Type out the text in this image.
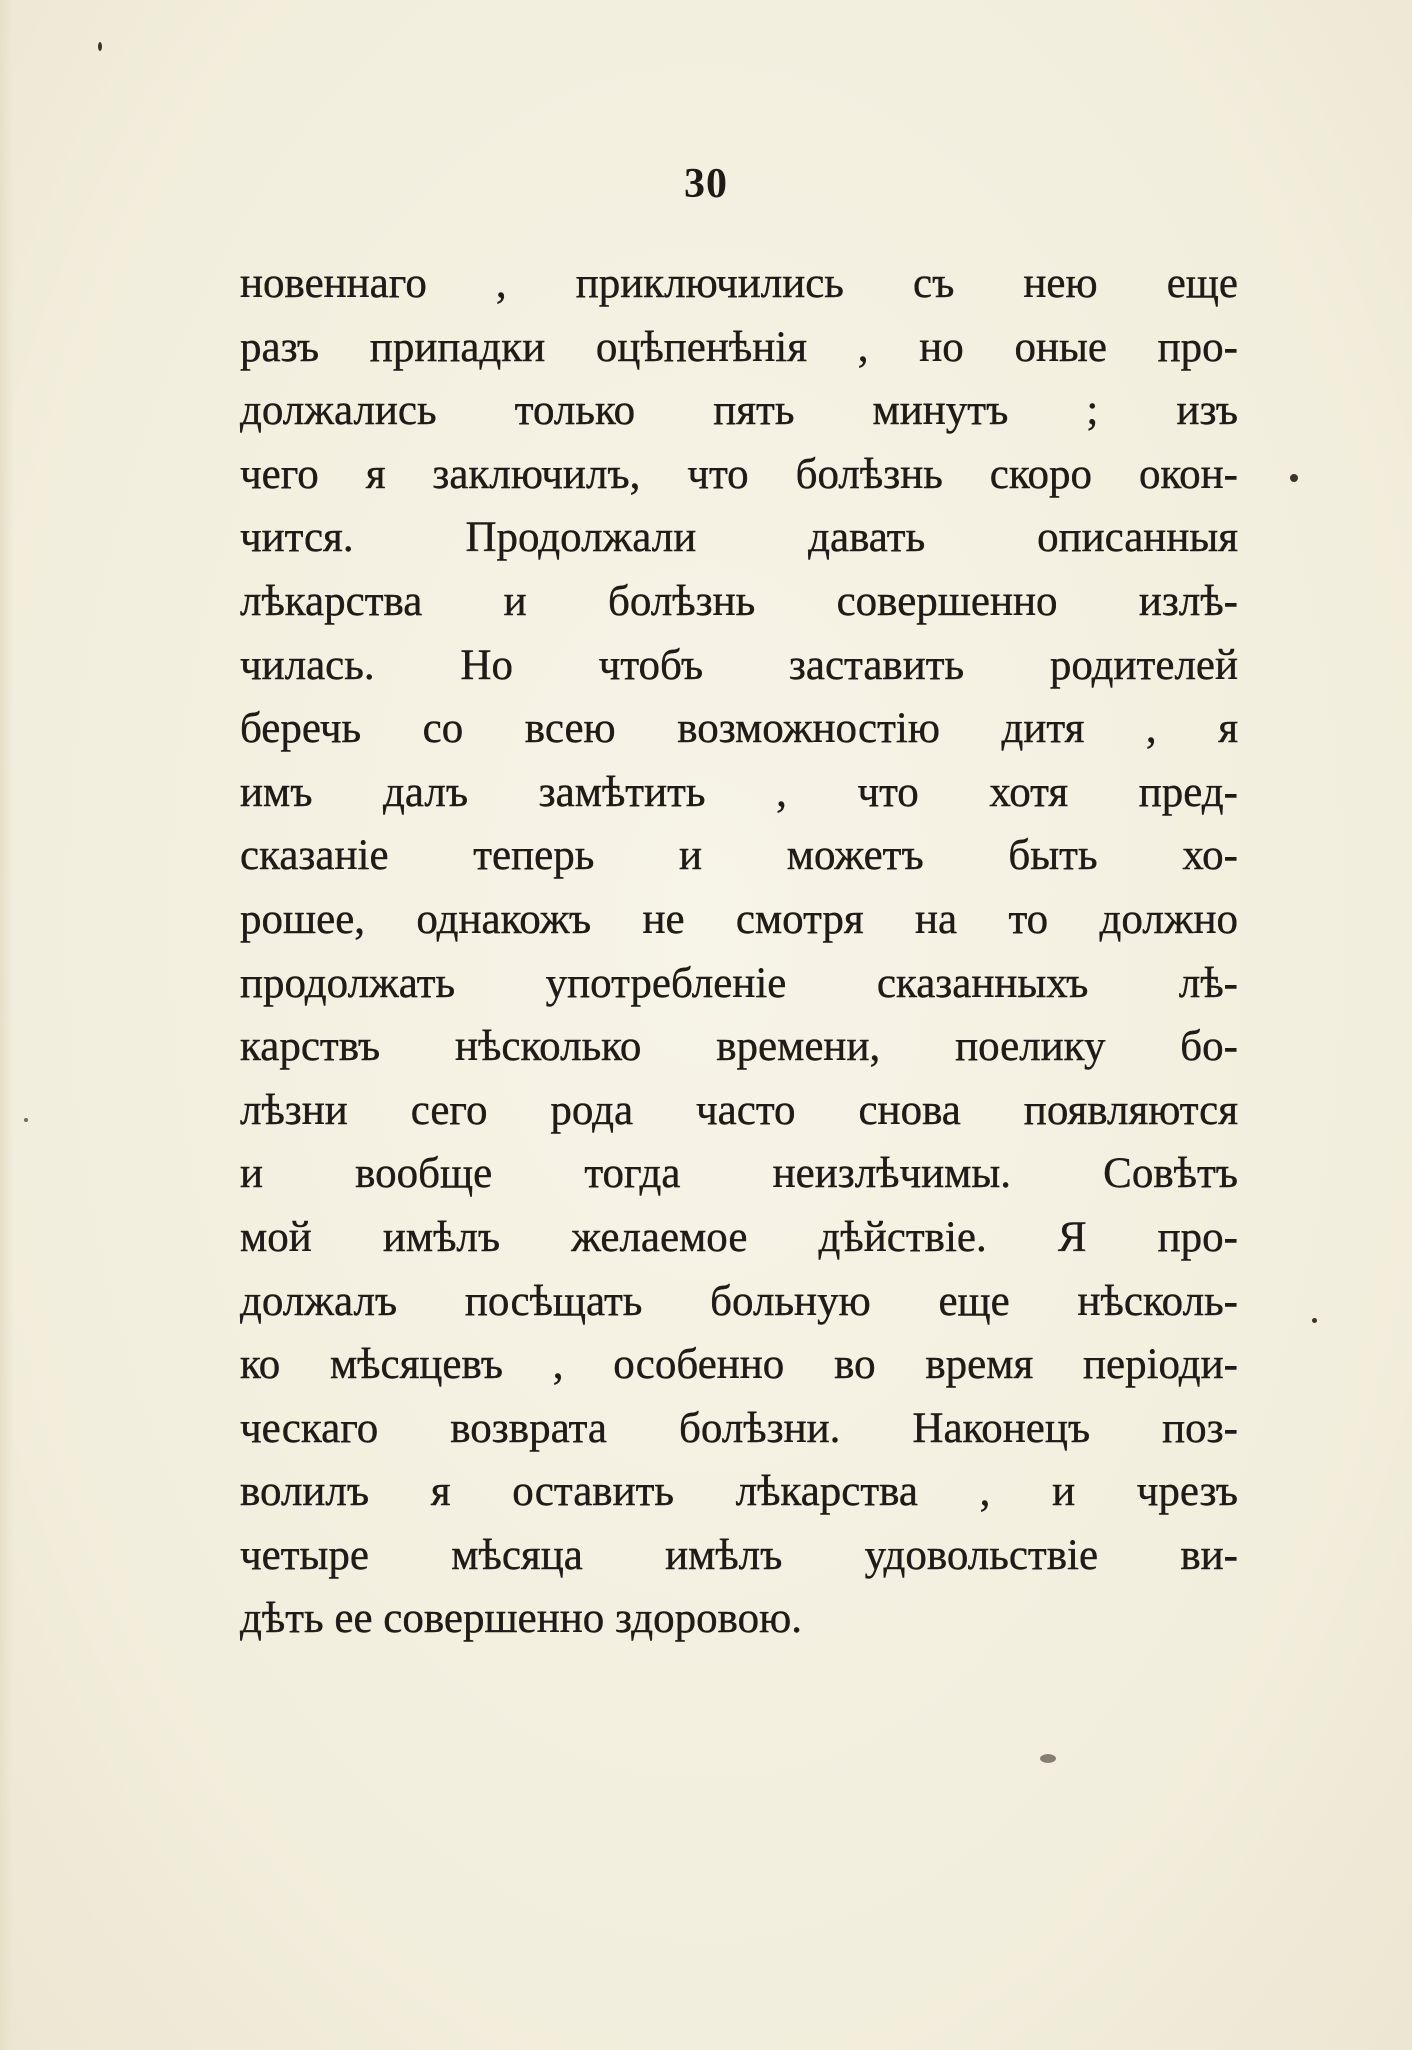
30
новеннаго , приключились съ нею еще
разъ припадки оцѣпенѣнія , но оные про-
должались только пять минутъ ; изъ
чего я заключилъ, что болѣзнь скоро окон-
чится. Продолжали давать описанныя
лѣкарства и болѣзнь совершенно излѣ-
чилась. Но чтобъ заставить родителей
беречь со всею возможностію дитя , я
имъ далъ замѣтить , что хотя пред-
сказаніе теперь и можетъ быть хо-
рошее, однакожъ не смотря на то должно
продолжать употребленіе сказанныхъ лѣ-
карствъ нѣсколько времени, поелику бо-
лѣзни сего рода часто снова появляются
и вообще тогда неизлѣчимы. Совѣтъ
мой имѣлъ желаемое дѣйствіе. Я про-
должалъ посѣщать больную еще нѣсколь-
ко мѣсяцевъ , особенно во время періоди-
ческаго возврата болѣзни. Наконецъ поз-
волилъ я оставить лѣкарства , и чрезъ
четыре мѣсяца имѣлъ удовольствіе ви-
дѣть ее совершенно здоровою.
